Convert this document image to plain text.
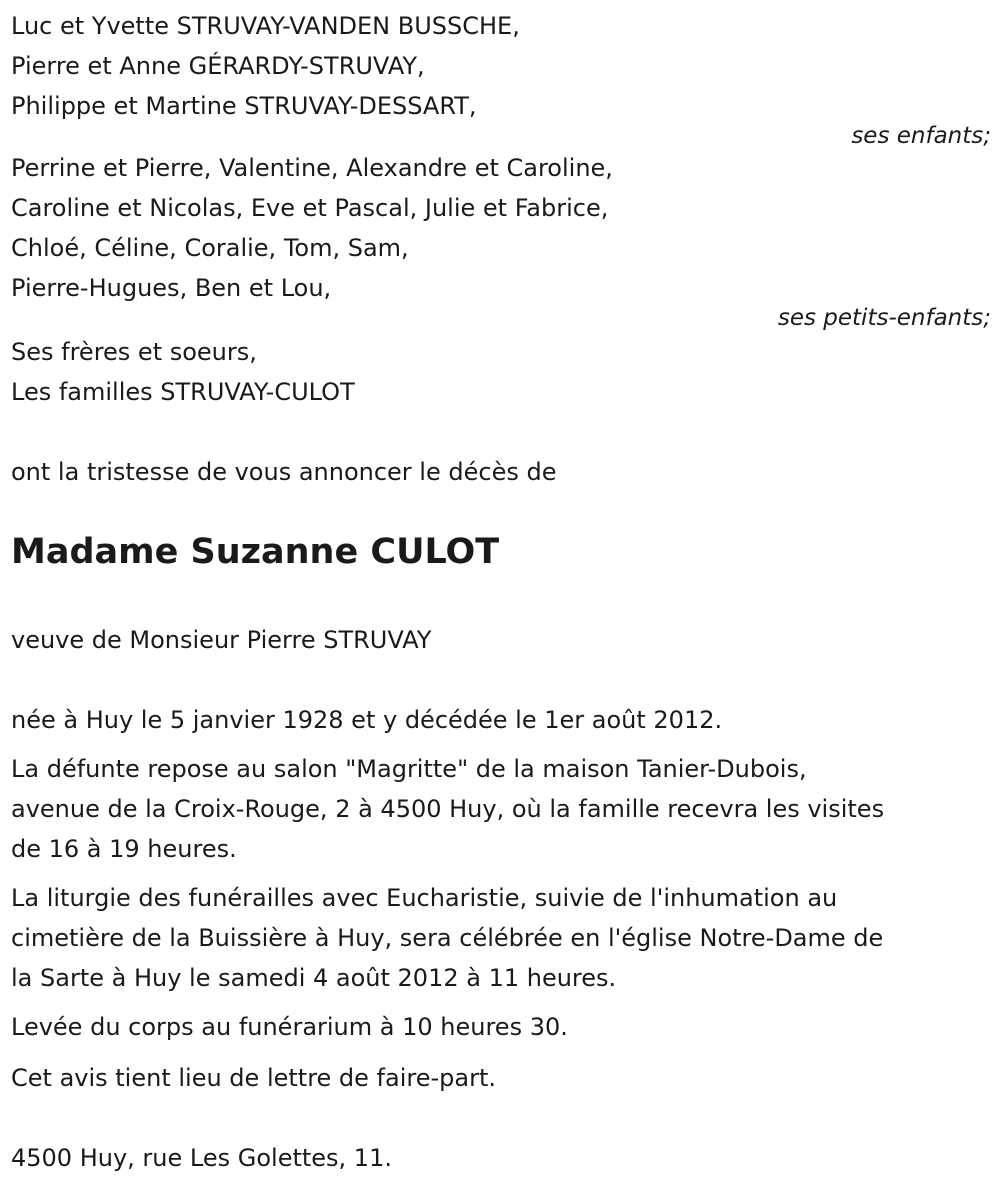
Luc et Yvette STRUVAY-VANDEN BUSSCHE,
Pierre et Anne GÉRARDY-STRUVAY,
Philippe et Martine STRUVAY-DESSART,
ses enfants;
Perrine et Pierre, Valentine, Alexandre et Caroline,
Caroline et Nicolas, Eve et Pascal, Julie et Fabrice,
Chloé, Céline, Coralie, Tom, Sam,
Pierre-Hugues, Ben et Lou,
ses petits-enfants;
Ses frères et soeurs,
Les familles STRUVAY-CULOT
ont la tristesse de vous annoncer le décès de
Madame Suzanne CULOT
veuve de Monsieur Pierre STRUVAY
née à Huy le 5 janvier 1928 et y décédée le 1er août 2012.
La défunte repose au salon "Magritte" de la maison Tanier-Dubois,
avenue de la Croix-Rouge, 2 à 4500 Huy, où la famille recevra les visites
de 16 à 19 heures.
La liturgie des funérailles avec Eucharistie, suivie de l'inhumation au
cimetière de la Buissière à Huy, sera célébrée en l'église Notre-Dame de
la Sarte à Huy le samedi 4 août 2012 à 11 heures.
Levée du corps au funérarium à 10 heures 30.
Cet avis tient lieu de lettre de faire-part.
4500 Huy, rue Les Golettes, 11.
